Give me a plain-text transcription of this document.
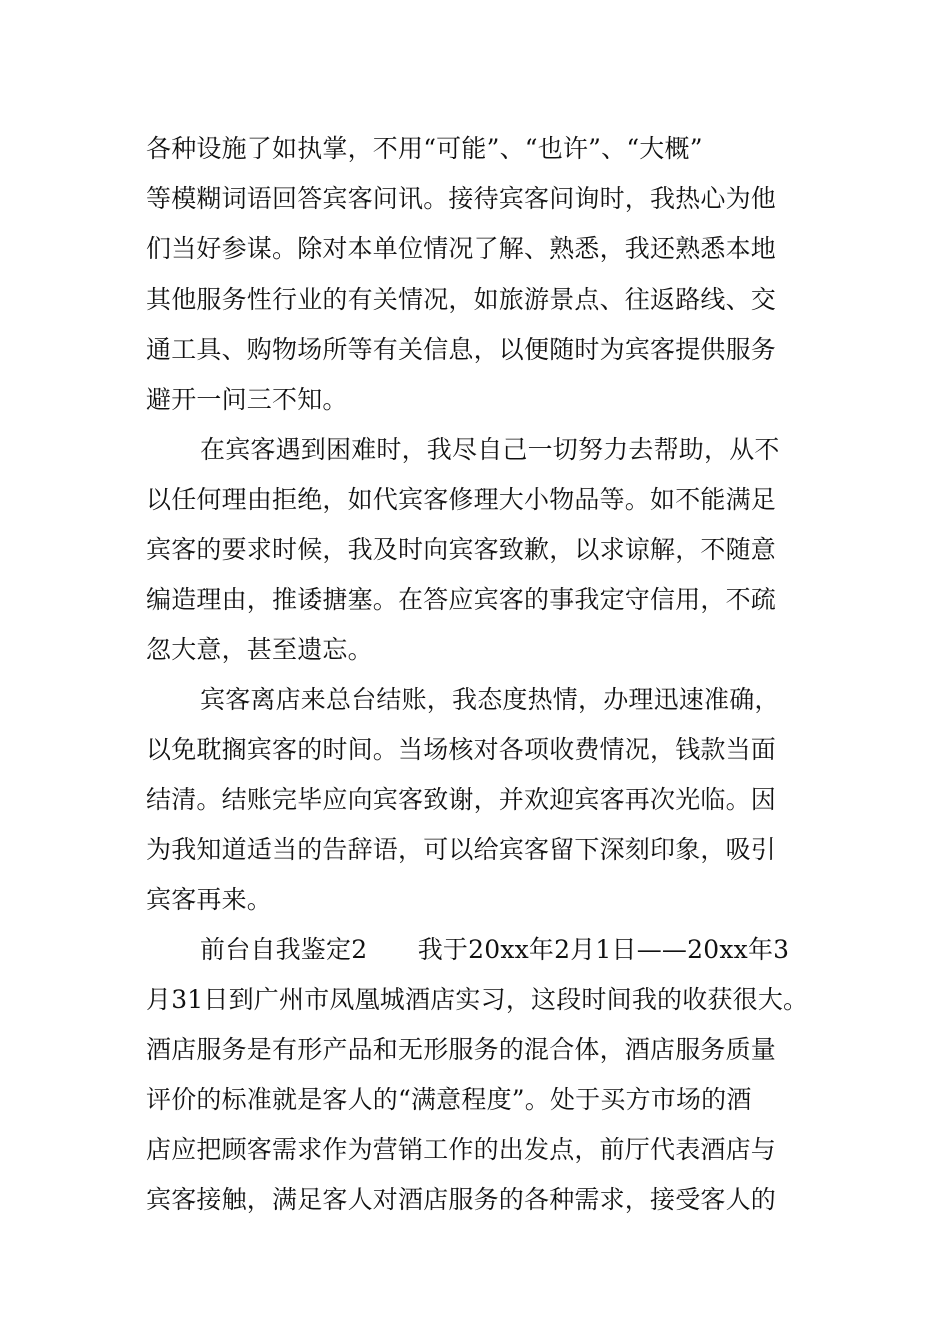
各种设施了如执掌，不用“可能”、“也许”、“大概”
等模糊词语回答宾客问讯。接待宾客问询时，我热心为他
们当好参谋。除对本单位情况了解、熟悉，我还熟悉本地
其他服务性行业的有关情况，如旅游景点、往返路线、交
通工具、购物场所等有关信息，以便随时为宾客提供服务
避开一问三不知。
在宾客遇到困难时，我尽自己一切努力去帮助，从不
以任何理由拒绝，如代宾客修理大小物品等。如不能满足
宾客的要求时候，我及时向宾客致歉，以求谅解，不随意
编造理由，推诿搪塞。在答应宾客的事我定守信用，不疏
忽大意，甚至遗忘。
宾客离店来总台结账，我态度热情，办理迅速准确，
以免耽搁宾客的时间。当场核对各项收费情况，钱款当面
结清。结账完毕应向宾客致谢，并欢迎宾客再次光临。因
为我知道适当的告辞语，可以给宾客留下深刻印象，吸引
宾客再来。
前台自我鉴定2　　我于20xx年2月1日——20xx年3
月31日到广州市凤凰城酒店实习，这段时间我的收获很大。
酒店服务是有形产品和无形服务的混合体，酒店服务质量
评价的标准就是客人的“满意程度”。处于买方市场的酒
店应把顾客需求作为营销工作的出发点，前厅代表酒店与
宾客接触，满足客人对酒店服务的各种需求，接受客人的
